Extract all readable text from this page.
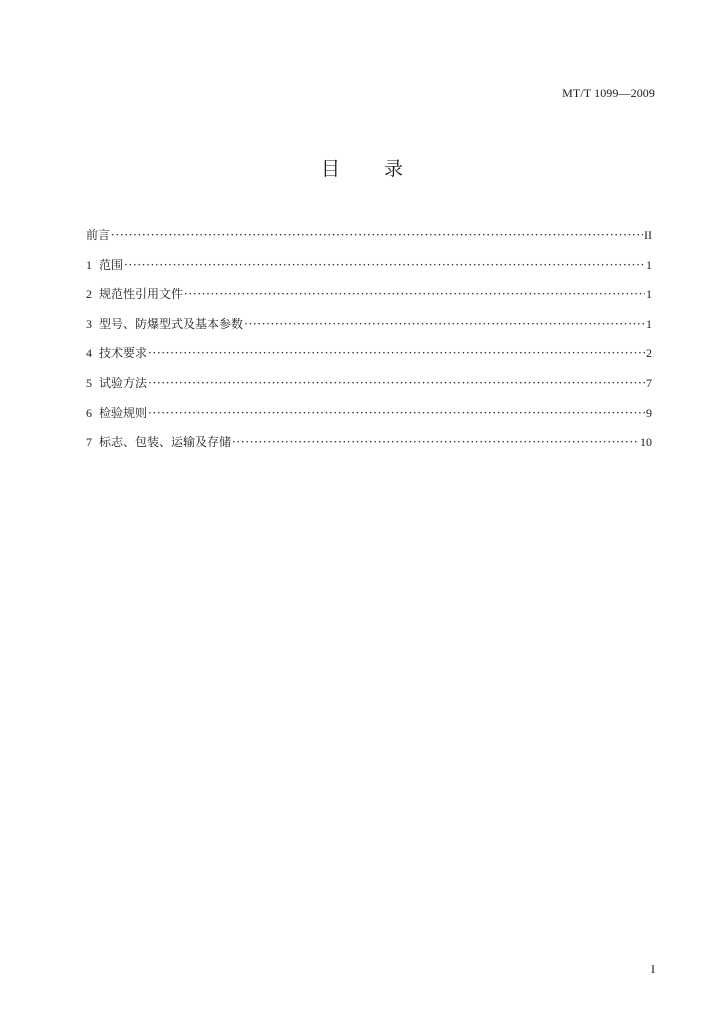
MT/T 1099—2009
目 录
前言 ·····	II
1 范围 ·····	1
2 规范性引用文件 ·····	1
3 型号、防爆型式及基本参数 ·····	1
4 技术要求 ·····	2
5 试验方法 ·····	7
6 检验规则 ·····	9
7 标志、包装、运输及存储 ·····	10
I
